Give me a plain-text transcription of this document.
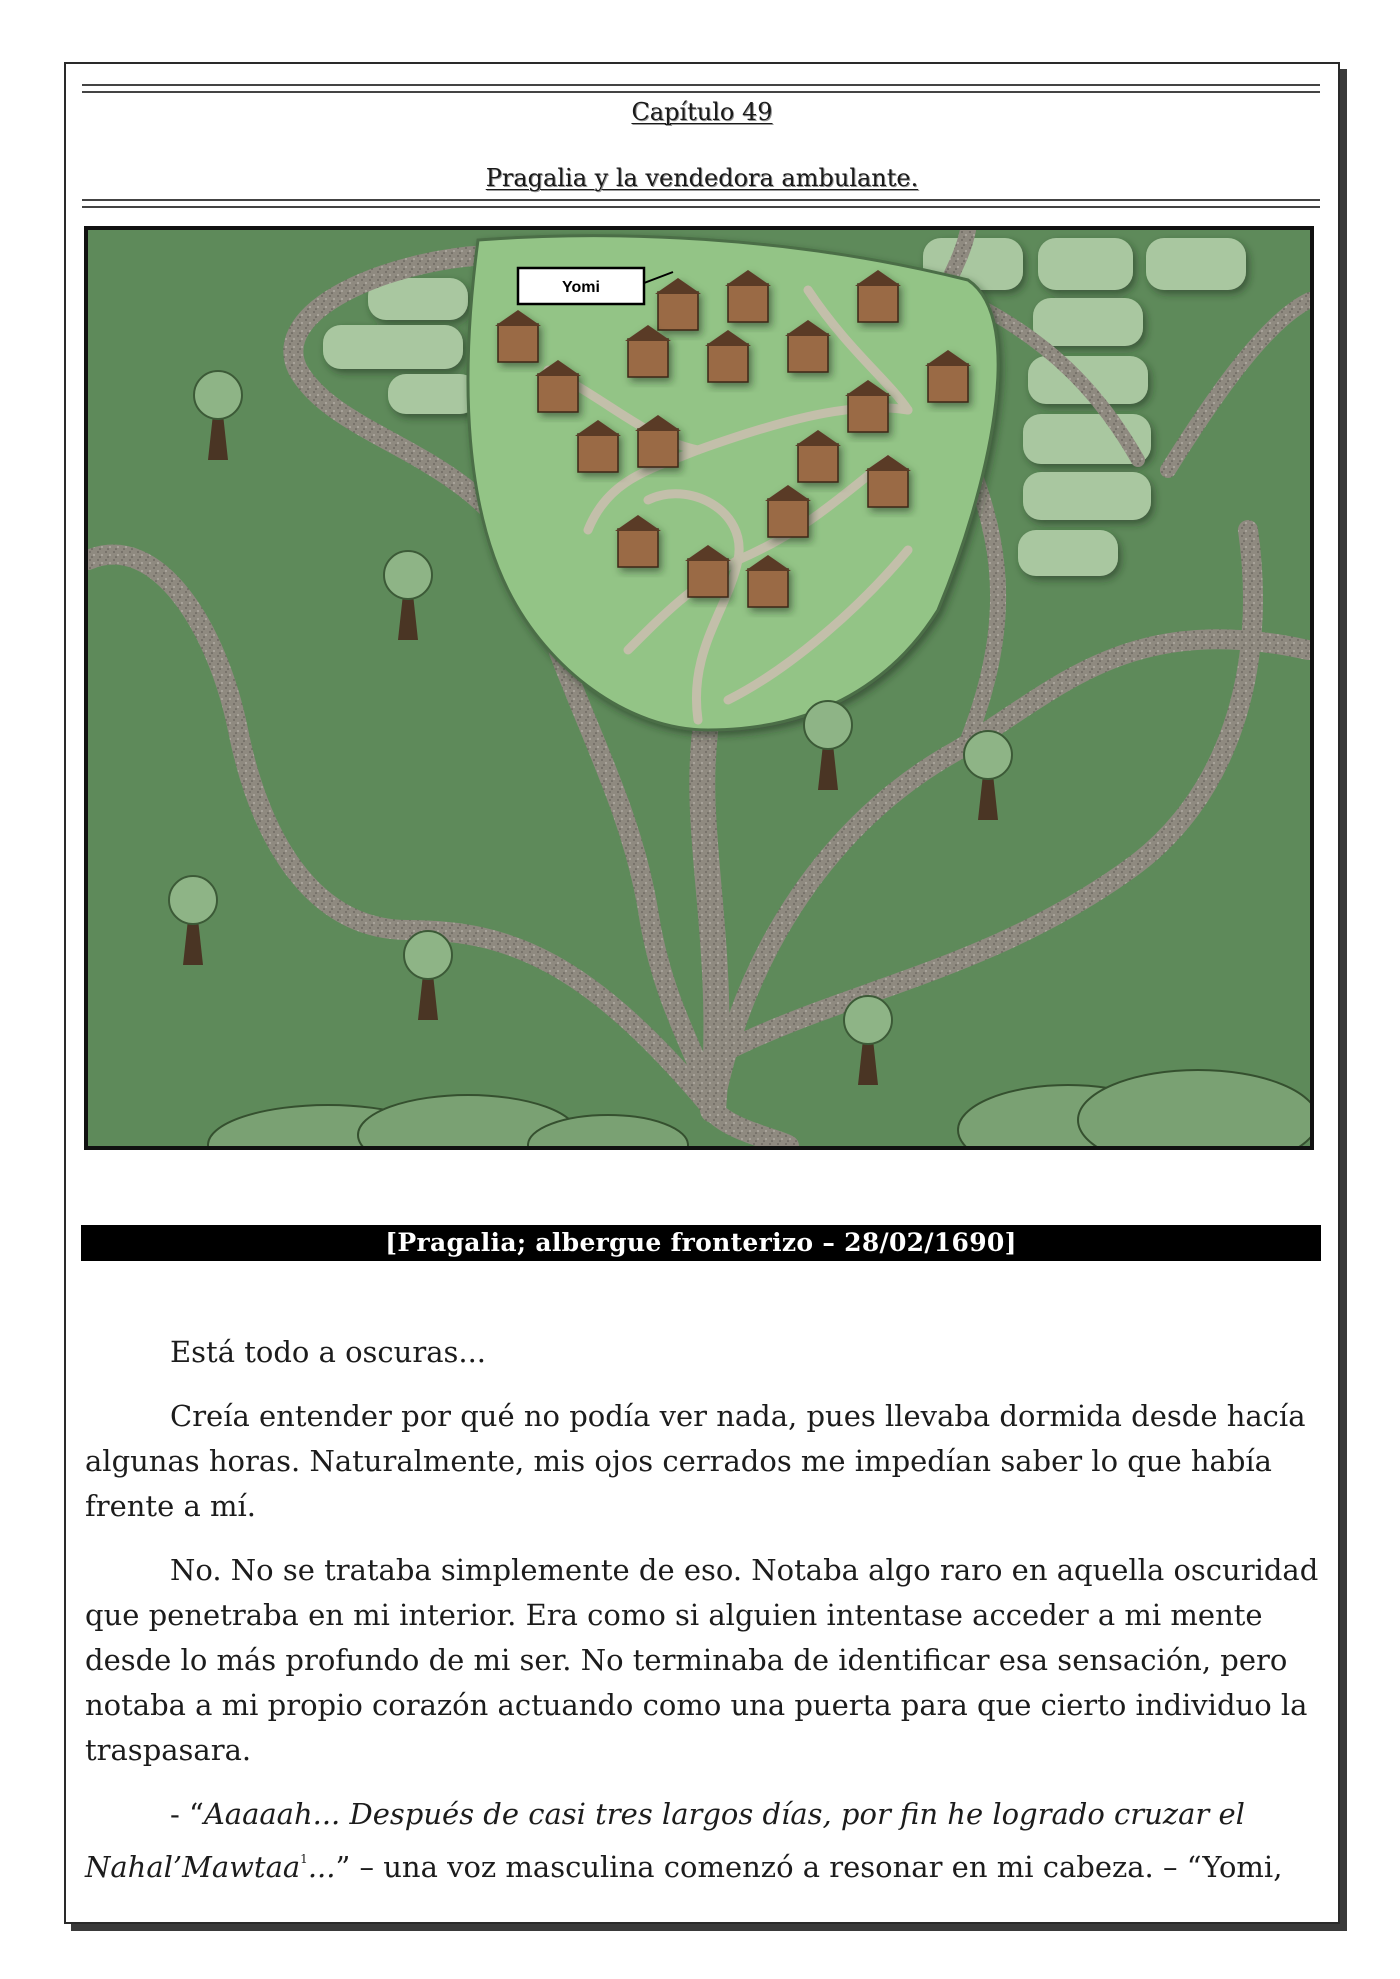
Capítulo 49
Pragalia y la vendedora ambulante.
Yomi
[Pragalia; albergue fronterizo – 28/02/1690]

Está todo a oscuras...

Creía entender por qué no podía ver nada, pues llevaba dormida desde hacía algunas horas. Naturalmente, mis ojos cerrados me impedían saber lo que había frente a mí.

No. No se trataba simplemente de eso. Notaba algo raro en aquella oscuridad que penetraba en mi interior. Era como si alguien intentase acceder a mi mente desde lo más profundo de mi ser. No terminaba de identificar esa sensación, pero notaba a mi propio corazón actuando como una puerta para que cierto individuo la traspasara.

- “Aaaaah... Después de casi tres largos días, por fin he logrado cruzar el Nahal’Mawtaa$^1$...” – una voz masculina comenzó a resonar en mi cabeza. – “Yomi,
